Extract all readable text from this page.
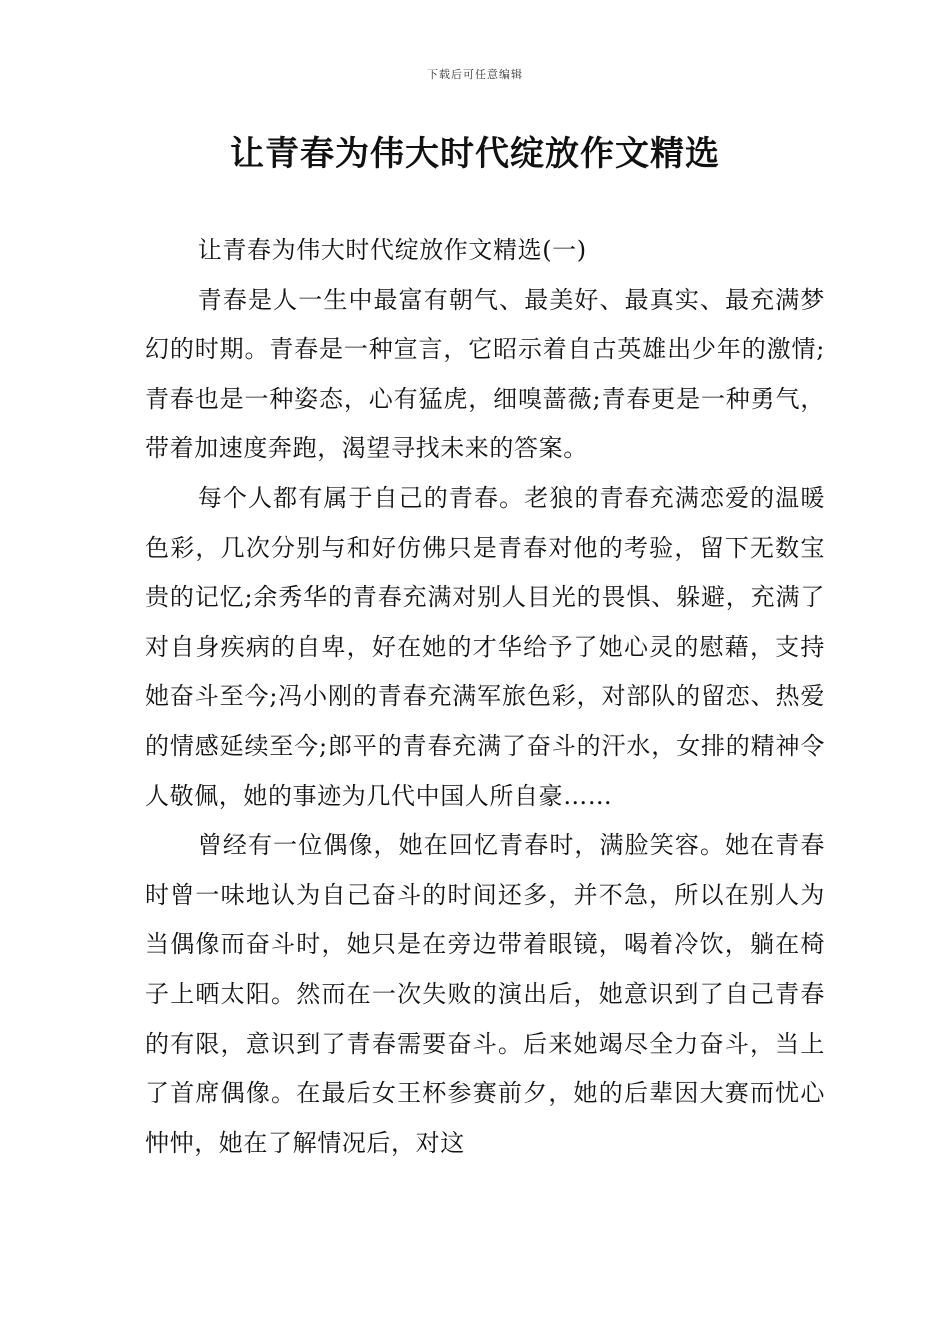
下载后可任意编辑
让青春为伟大时代绽放作文精选

让青春为伟大时代绽放作文精选(一)

青春是人一生中最富有朝气、最美好、最真实、最充满梦幻的时期。青春是一种宣言，它昭示着自古英雄出少年的激情;青春也是一种姿态，心有猛虎，细嗅蔷薇;青春更是一种勇气，带着加速度奔跑，渴望寻找未来的答案。

每个人都有属于自己的青春。老狼的青春充满恋爱的温暖色彩，几次分别与和好仿佛只是青春对他的考验，留下无数宝贵的记忆;余秀华的青春充满对别人目光的畏惧、躲避，充满了对自身疾病的自卑，好在她的才华给予了她心灵的慰藉，支持她奋斗至今;冯小刚的青春充满军旅色彩，对部队的留恋、热爱的情感延续至今;郎平的青春充满了奋斗的汗水，女排的精神令人敬佩，她的事迹为几代中国人所自豪……

曾经有一位偶像，她在回忆青春时，满脸笑容。她在青春时曾一味地认为自己奋斗的时间还多，并不急，所以在别人为当偶像而奋斗时，她只是在旁边带着眼镜，喝着冷饮，躺在椅子上晒太阳。然而在一次失败的演出后，她意识到了自己青春的有限，意识到了青春需要奋斗。后来她竭尽全力奋斗，当上了首席偶像。在最后女王杯参赛前夕，她的后辈因大赛而忧心忡忡，她在了解情况后，对这
